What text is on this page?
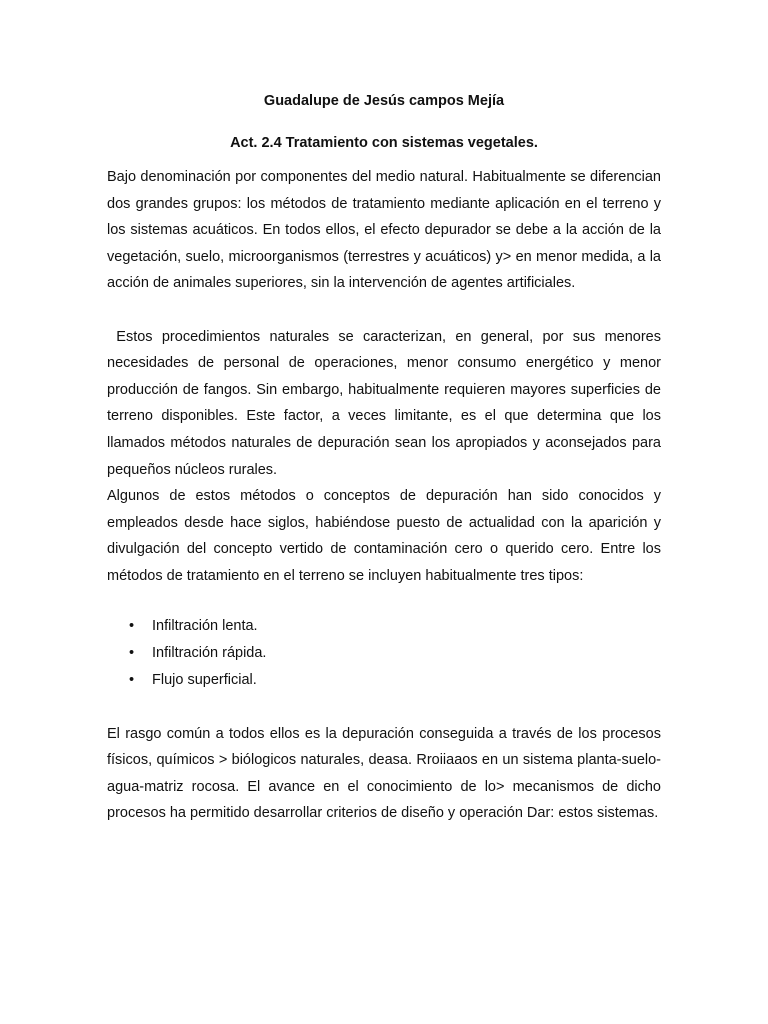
Guadalupe de Jesús campos Mejía

Act. 2.4 Tratamiento con sistemas vegetales.

Bajo denominación por componentes del medio natural. Habitualmente se diferencian dos grandes grupos: los métodos de tratamiento mediante aplicación en el terreno y los sistemas acuáticos. En todos ellos, el efecto depurador se debe a la acción de la vegetación, suelo, microorganismos (terrestres y acuáticos) y> en menor medida, a la acción de animales superiores, sin la intervención de agentes artificiales.

Estos procedimientos naturales se caracterizan, en general, por sus menores necesidades de personal de operaciones, menor consumo energético y menor producción de fangos. Sin embargo, habitualmente requieren mayores superficies de terreno disponibles. Este factor, a veces limitante, es el que determina que los llamados métodos naturales de depuración sean los apropiados y aconsejados para pequeños núcleos rurales.

Algunos de estos métodos o conceptos de depuración han sido conocidos y empleados desde hace siglos, habiéndose puesto de actualidad con la aparición y divulgación del concepto vertido de contaminación cero o querido cero. Entre los métodos de tratamiento en el terreno se incluyen habitualmente tres tipos:

• Infiltración lenta.
• Infiltración rápida.
• Flujo superficial.

El rasgo común a todos ellos es la depuración conseguida a través de los procesos físicos, químicos > biólogicos naturales, deasa. Rroiiaaos en un sistema planta-suelo-agua-matriz rocosa. El avance en el conocimiento de lo> mecanismos de dicho procesos ha permitido desarrollar criterios de diseño y operación Dar: estos sistemas.
